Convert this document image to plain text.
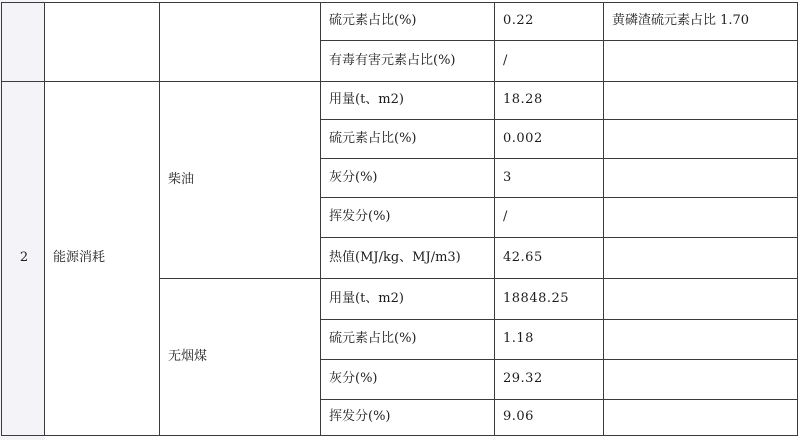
			硫元素占比(%)	0.22	黄磷渣硫元素占比 1.70
			有毒有害元素占比(%)	/	
2	能源消耗	柴油	用量(t、m2)	18.28	
			硫元素占比(%)	0.002	
			灰分(%)	3	
			挥发分(%)	/	
			热值(MJ/kg、MJ/m3)	42.65	
		无烟煤	用量(t、m2)	18848.25	
			硫元素占比(%)	1.18	
			灰分(%)	29.32	
			挥发分(%)	9.06	
